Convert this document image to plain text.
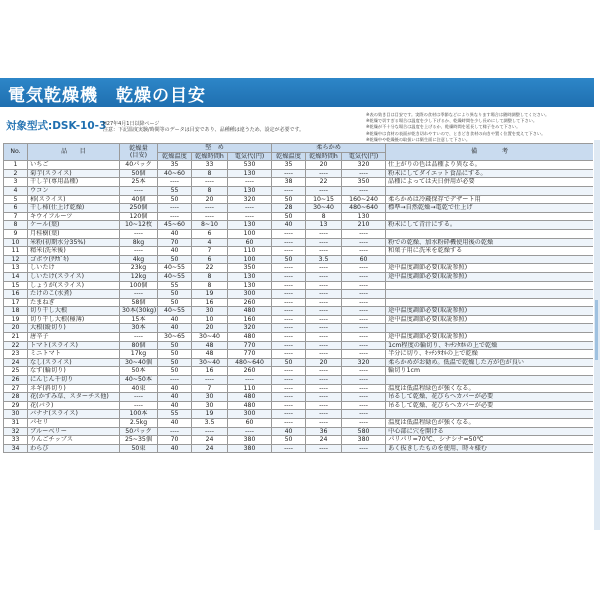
電気乾燥機　乾燥の目安
対象型式:DSK-10-3
H27年4月1日以降ページ
注意：下記温度実験/時間等のデータは目安であり、品種種は違うため、設定が必要です。
※表の効き目は目安です。実際の食材は季節などにより異なります場合は随時調整してください。
※乾燥で切すぎる場合は温度を少し下げるか、乾燥時間を少し長めにして調整して下さい。
※乾燥が不十分な場合は温度を上げるか、乾燥時間を延長して様子をみて下さい。
※乾燥中は食材の表面が乾き切れやすいので、ときどき食材の向きや置く位置を変えて下さい。
※乾燥中や乾燥後の取扱いは衛生面に注意して下さい。
No.	品　　目	乾燥量
(目安)	堅　め			柔らかめ			備　　　　考
			乾燥温度	乾燥時間h	電気代(円)	乾燥温度	乾燥時間h	電気代(円)	
1	いちご	40パック	35	33	530	35	20	320	仕上がりの色は品種より異なる。
2	菊芋(スライス)	50個	40~60	8	130	----	----	----	粉末にしてダイエット食品にする。
3	干し芋(専用品種)	25本	----	----	----	38	22	350	品種によっては天日併用が必要
4	ウコン	----	55	8	130	----	----	----	
5	柿(スライス)	40個	50	20	320	50	10~15	160~240	柔らかめは冷蔵保存でデザート用
6	干し柿(仕上げ乾燥)	250個	----	----	----	28	30~40	480~640	標準→自然乾燥→電乾で仕上げ
7	キウイフルーツ	120個	----	----	----	50	8	130	
8	ケール(葉)	10~12枚	45~60	8~10	130	40	13	210	粉末にして青汁にする。
9	月桂樹(葉)	----	40	6	100	----	----	----	
10	米粉(初期水分35%)	8kg	70	4	60	----	----	----	粉での乾燥、加水粉砕機使用後の乾燥
11	精米(洗米後)	----	40	7	110	----	----	----	和菓子用に洗米を乾燥する
12	ゴボウ(ｻｻｶﾞｷ)	4kg	50	6	100	50	3.5	60	
13	しいたけ	23kg	40~55	22	350	----	----	----	途中温度調節必要(取説参照)
14	しいたけ(スライス)	12kg	40~55	8	130	----	----	----	途中温度調節必要(取説参照)
15	しょうが(スライス)	100個	55	8	130	----	----	----	
16	たけのこ(水煮)	----	50	19	300	----	----	----	
17	たまねぎ	58個	50	16	260	----	----	----	
18	切り干し大根	30本(30kg)	40~55	30	480	----	----	----	途中温度調節必要(取説参照)
19	切り干し大根(極薄)	15本	40	10	160	----	----	----	途中温度調節必要(取説参照)
20	大根(縦切り)	30本	40	20	320	----	----	----	
21	唐辛子	----	30~65	30~40	480	----	----	----	途中温度調節必要(取説参照)
22	トマト(スライス)	80個	50	48	770	----	----	----	1cm程度の輪切り、ｷｯﾁﾝﾀｵﾙの上で乾燥
23	ミニトマト	17kg	50	48	770	----	----	----	半分に切り、ｷｯﾁﾝﾀｵﾙの上で乾燥
24	なし(スライス)	30~40個	50	30~40	480~640	50	20	320	柔らかめがお勧め。低温で乾燥した方が色が良い
25	なす(輪切り)	50本	50	16	260	----	----	----	輪切り1cm
26	にんじん千切り	40~50本	----	----	----	----	----	----	
27	ネギ(斜切り)	40束	40	7	110	----	----	----	温度は低温程緑色が強くなる。
28	花(かすみ草、スターチス他)	----	40	30	480	----	----	----	吊るして乾燥、花びらへカバーが必要
29	花(バラ)	----	40	30	480	----	----	----	吊るして乾燥、花びらへカバーが必要
30	バナナ(スライス)	100本	55	19	300	----	----	----	
31	パセリ	2.5kg	40	3.5	60	----	----	----	温度は低温程緑色が強くなる。
32	ブルーベリー	50パック	----	----	----	40	36	580	中心部に穴を開ける
33	りんごチップス	25~35個	70	24	380	50	24	380	パリパリ=70℃、シナシナ=50℃
34	わらび	50束	40	24	380	----	----	----	あく抜きしたものを使用、時々様む
